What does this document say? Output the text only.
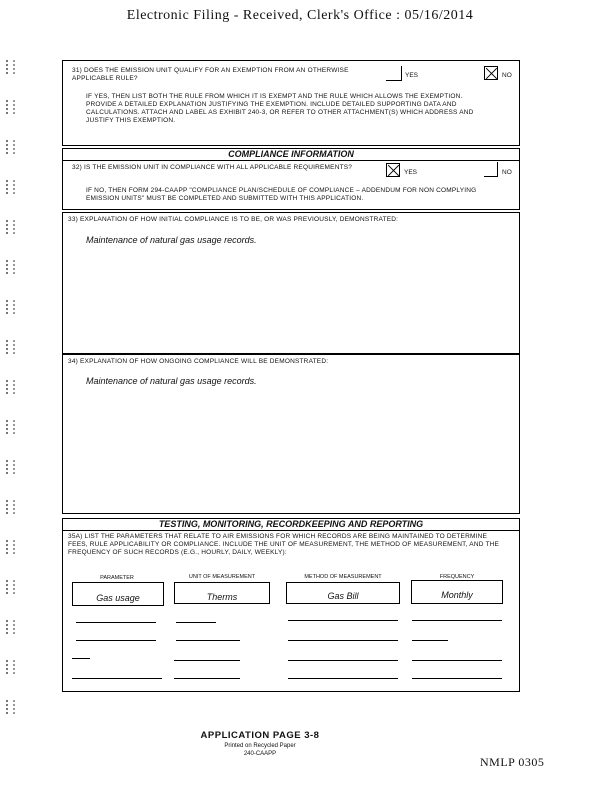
Electronic Filing - Received, Clerk's Office : 05/16/2014
31) DOES THE EMISSION UNIT QUALIFY FOR AN EXEMPTION FROM AN OTHERWISE APPLICABLE RULE?	YES	NO
IF YES, THEN LIST BOTH THE RULE FROM WHICH IT IS EXEMPT AND THE RULE WHICH ALLOWS THE EXEMPTION. PROVIDE A DETAILED EXPLANATION JUSTIFYING THE EXEMPTION. INCLUDE DETAILED SUPPORTING DATA AND CALCULATIONS. ATTACH AND LABEL AS EXHIBIT 240-3, OR REFER TO OTHER ATTACHMENT(S) WHICH ADDRESS AND JUSTIFY THIS EXEMPTION.
COMPLIANCE INFORMATION
32) IS THE EMISSION UNIT IN COMPLIANCE WITH ALL APPLICABLE REQUIREMENTS?
YES	NO
IF NO, THEN FORM 294-CAAPP "COMPLIANCE PLAN/SCHEDULE OF COMPLIANCE – ADDENDUM FOR NON COMPLYING EMISSION UNITS" MUST BE COMPLETED AND SUBMITTED WITH THIS APPLICATION.
33) EXPLANATION OF HOW INITIAL COMPLIANCE IS TO BE, OR WAS PREVIOUSLY, DEMONSTRATED:
Maintenance of natural gas usage records.
34) EXPLANATION OF HOW ONGOING COMPLIANCE WILL BE DEMONSTRATED:
Maintenance of natural gas usage records.
TESTING, MONITORING, RECORDKEEPING AND REPORTING
35A) LIST THE PARAMETERS THAT RELATE TO AIR EMISSIONS FOR WHICH RECORDS ARE BEING MAINTAINED TO DETERMINE FEES, RULE APPLICABILITY OR COMPLIANCE. INCLUDE THE UNIT OF MEASUREMENT, THE METHOD OF MEASUREMENT, AND THE FREQUENCY OF SUCH RECORDS (E.G., HOURLY, DAILY, WEEKLY):
PARAMETER	UNIT OF MEASUREMENT	METHOD OF MEASUREMENT	FREQUENCY
Gas usage	Therms	Gas Bill	Monthly
APPLICATION PAGE 3-8
Printed on Recycled Paper
240-CAAPP
NMLP 0305
